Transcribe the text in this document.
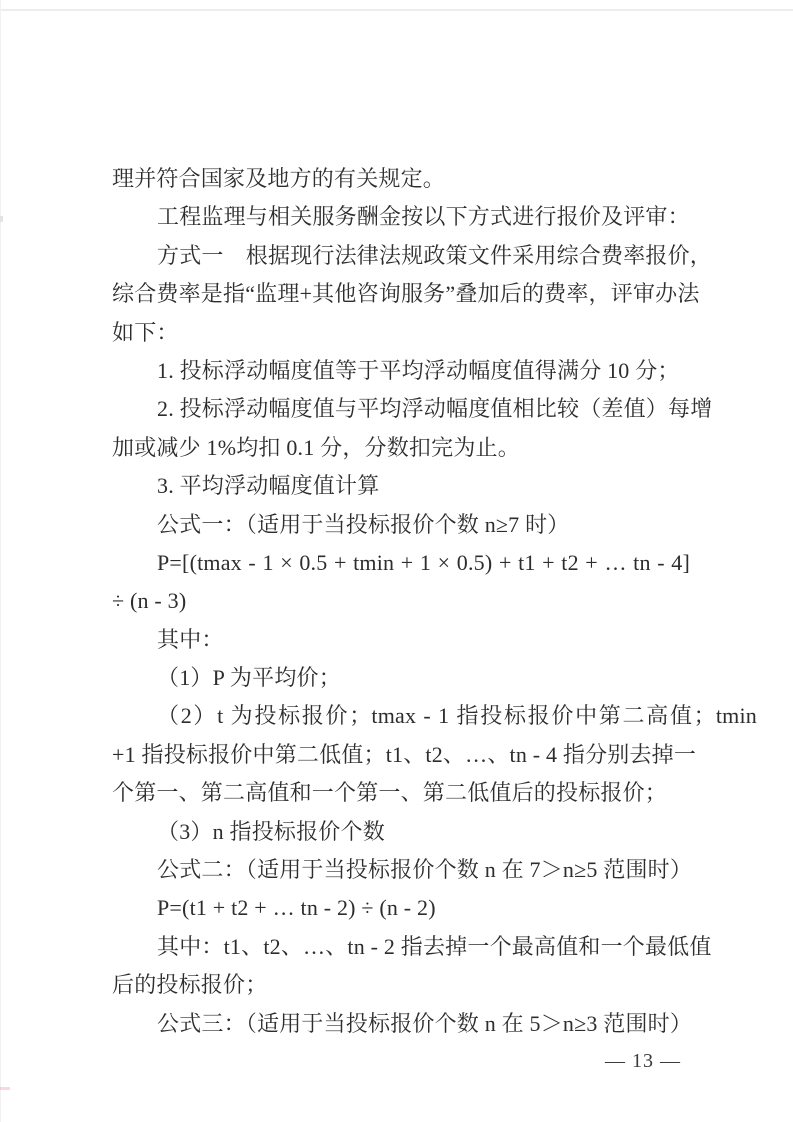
理并符合国家及地方的有关规定。
工程监理与相关服务酬金按以下方式进行报价及评审：
方式一　根据现行法律法规政策文件采用综合费率报价，
综合费率是指“监理+其他咨询服务”叠加后的费率，评审办法
如下：
1. 投标浮动幅度值等于平均浮动幅度值得满分 10 分；
2. 投标浮动幅度值与平均浮动幅度值相比较（差值）每增
加或减少 1%均扣 0.1 分，分数扣完为止。
3. 平均浮动幅度值计算
公式一：（适用于当投标报价个数 n≥7 时）
P=[(tmax - 1 × 0.5 + tmin + 1 × 0.5) + t1 + t2 + … tn - 4]
÷ (n - 3)
其中：
（1）P 为平均价；
（2）t 为投标报价；tmax - 1 指投标报价中第二高值；tmin
+1 指投标报价中第二低值；t1、t2、…、tn - 4 指分别去掉一
个第一、第二高值和一个第一、第二低值后的投标报价；
（3）n 指投标报价个数
公式二：（适用于当投标报价个数 n 在 7＞n≥5 范围时）
P=(t1 + t2 + … tn - 2) ÷ (n - 2)
其中：t1、t2、…、tn - 2 指去掉一个最高值和一个最低值
后的投标报价；
公式三：（适用于当投标报价个数 n 在 5＞n≥3 范围时）
— 13 —
